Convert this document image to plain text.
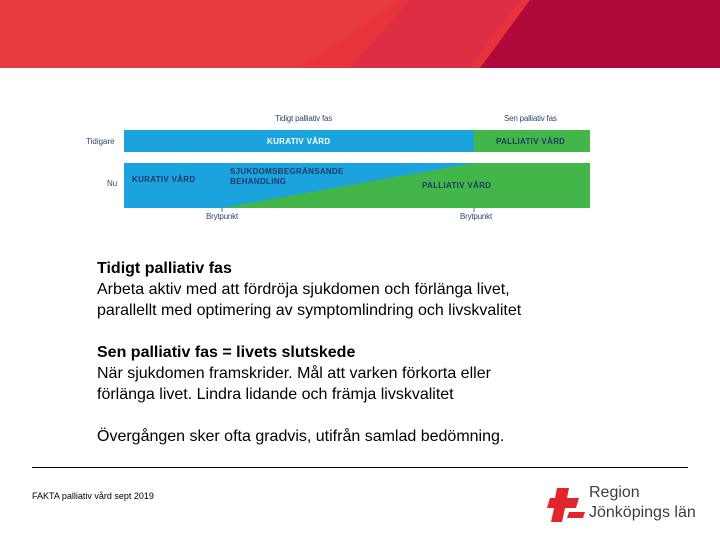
Tidigt palliativ fas	Sen palliativ fas
Tidigare
Nu
KURATIV VÅRD	PALLIATIV VÅRD
KURATIV VÅRD
SJUKDOMSBEGRÄNSANDE
BEHANDLING	PALLIATIV VÅRD
Brytpunkt	Brytpunkt

Tidigt palliativ fas

Arbeta aktiv med att fördröja sjukdomen och förlänga livet,

parallellt med optimering av symptomlindring och livskvalitet

Sen palliativ fas = livets slutskede

När sjukdomen framskrider. Mål att varken förkorta eller

förlänga livet. Lindra lidande och främja livskvalitet

Övergången sker ofta gradvis, utifrån samlad bedömning.

FAKTA palliativ vård sept 2019	Region
Jönköpings län
